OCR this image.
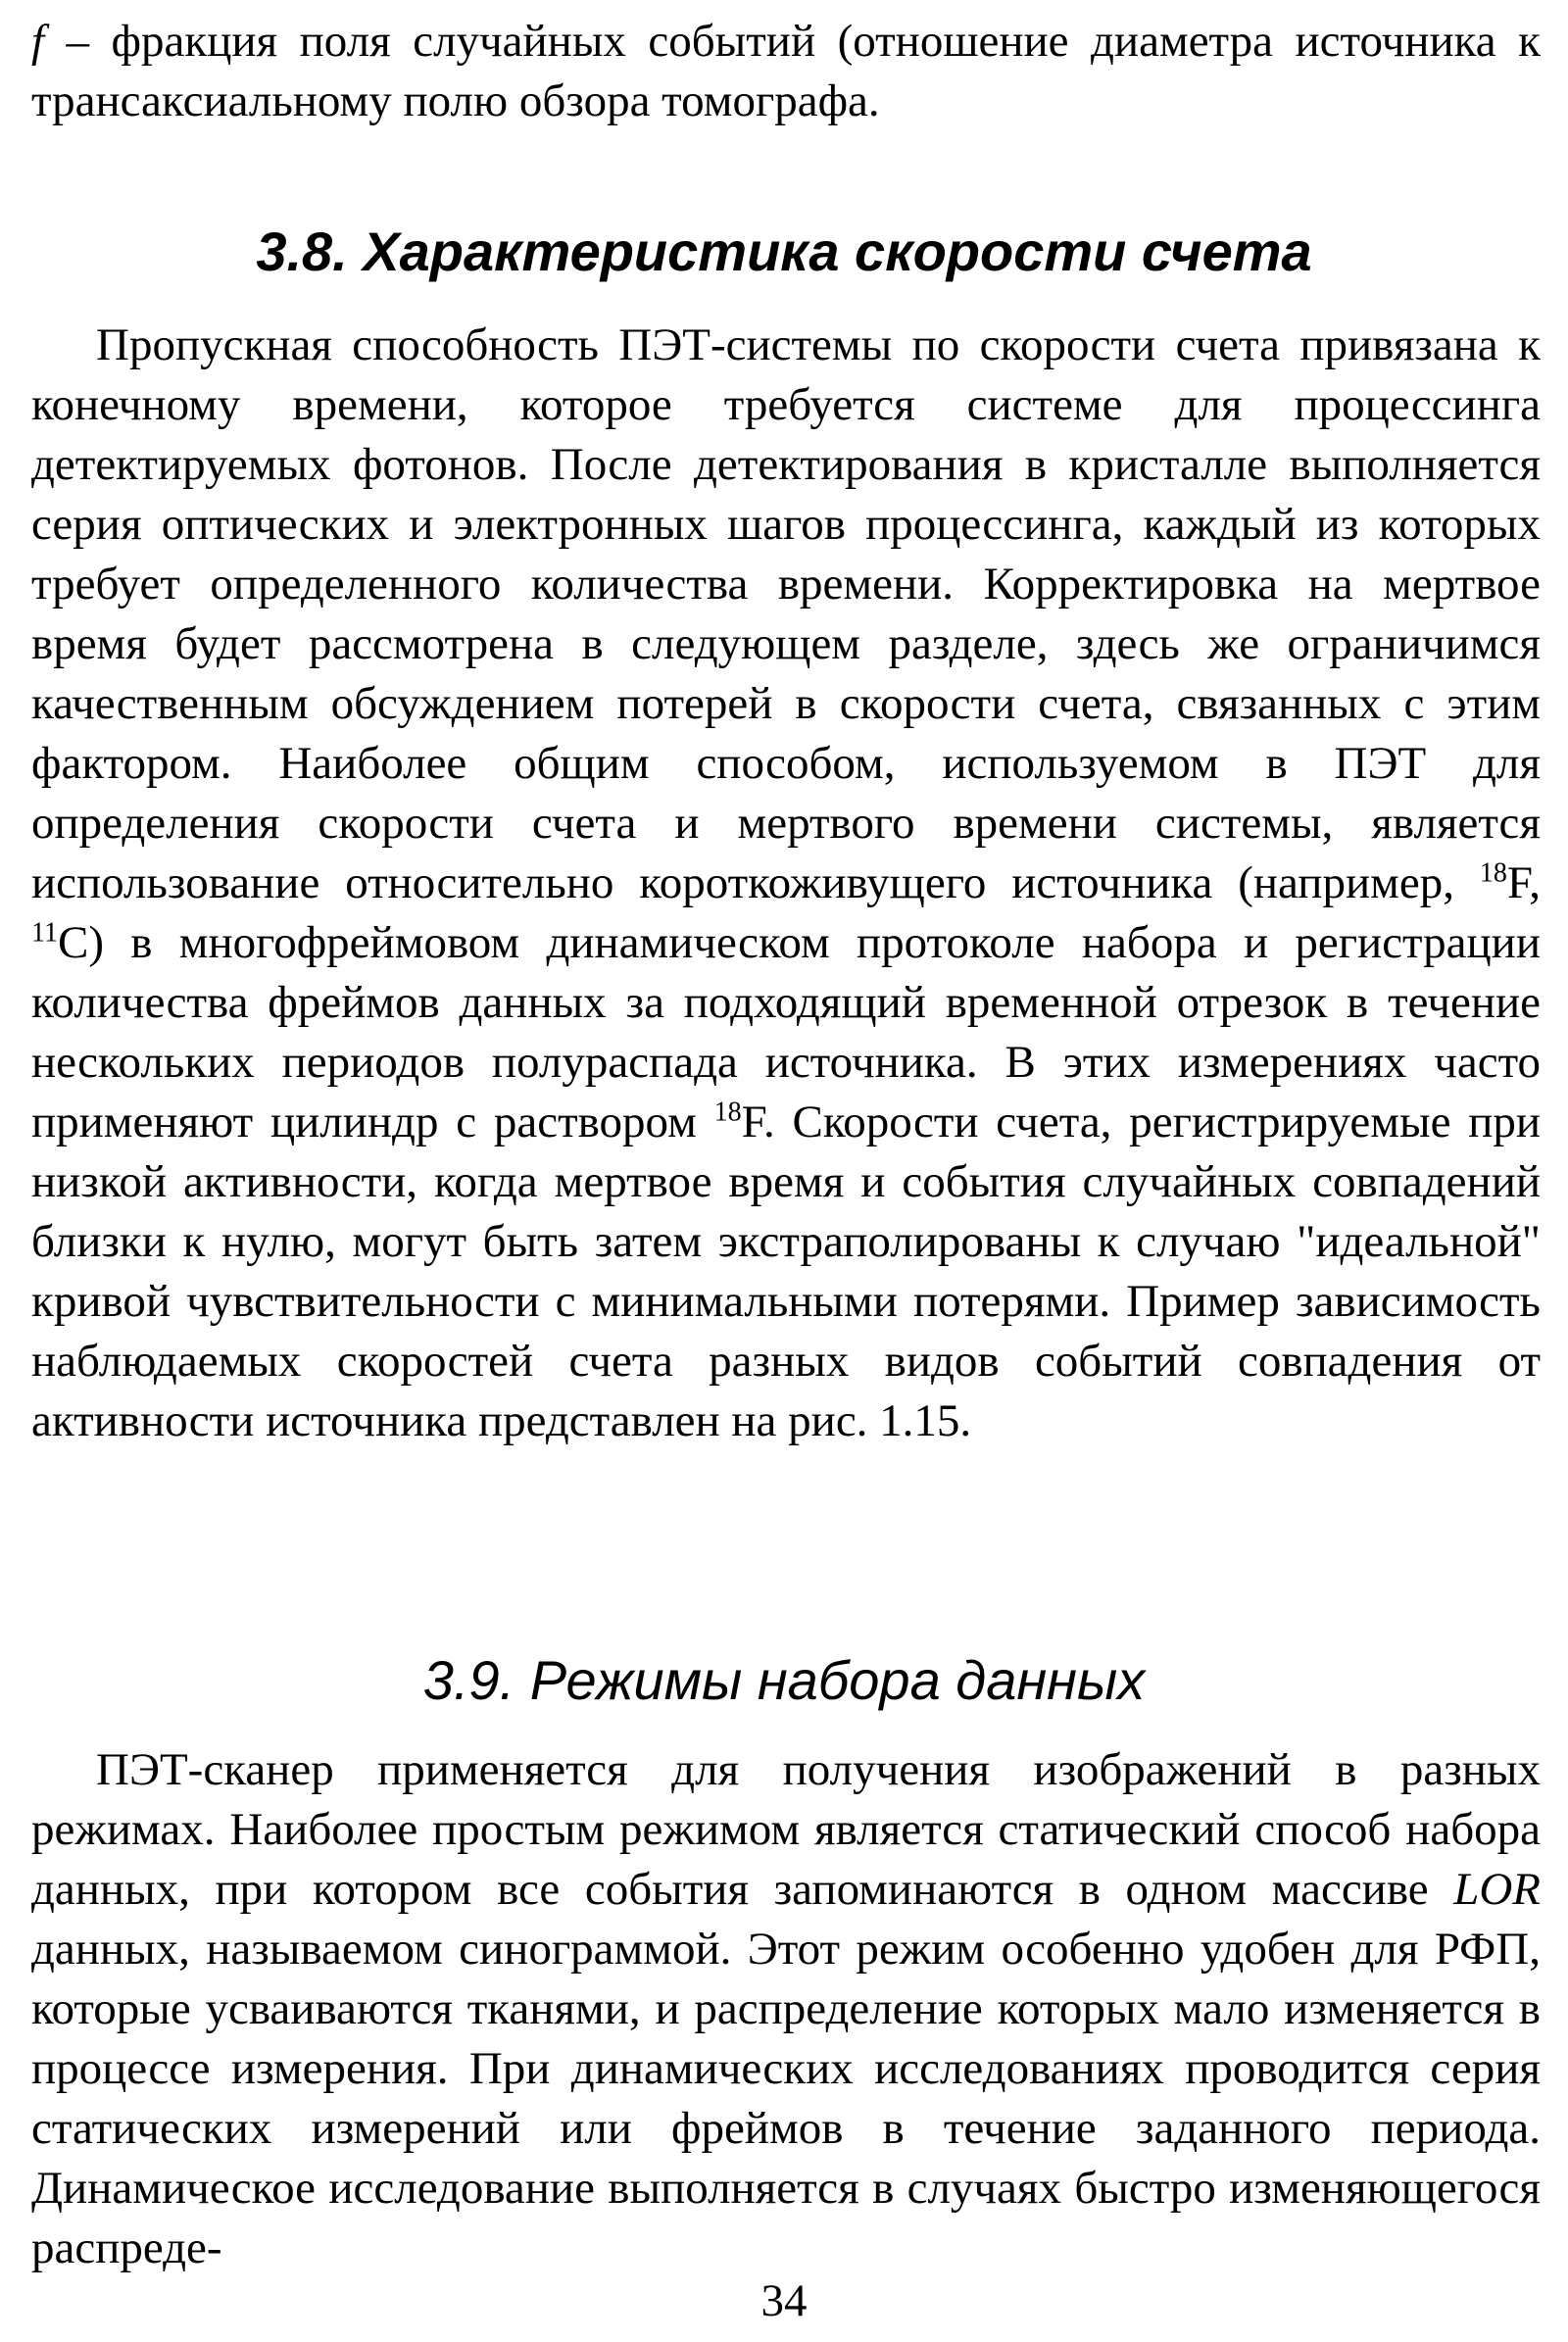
f – фракция поля случайных событий (отношение диаметра источника к трансаксиальному полю обзора томографа.

3.8. Характеристика скорости счета

Пропускная способность ПЭТ-системы по скорости счета привязана к конечному времени, которое требуется системе для процессинга детектируемых фотонов. После детектирования в кристалле выполняется серия оптических и электронных шагов процессинга, каждый из которых требует определенного количества времени. Корректировка на мертвое время будет рассмотрена в следующем разделе, здесь же ограничимся качественным обсуждением потерей в скорости счета, связанных с этим фактором. Наиболее общим способом, используемом в ПЭТ для определения скорости счета и мертвого времени системы, является использование относительно короткоживущего источника (например, $^{18}$F, $^{11}$C) в многофреймовом динамическом протоколе набора и регистрации количества фреймов данных за подходящий временной отрезок в течение нескольких периодов полураспада источника. В этих измерениях часто применяют цилиндр с раствором $^{18}$F. Скорости счета, регистрируемые при низкой активности, когда мертвое время и события случайных совпадений близки к нулю, могут быть затем экстраполированы к случаю "идеальной" кривой чувствительности с минимальными потерями. Пример зависимость наблюдаемых скоростей счета разных видов событий совпадения от активности источника представлен на рис. 1.15.

3.9. Режимы набора данных

ПЭТ-сканер применяется для получения изображений в разных режимах. Наиболее простым режимом является статический способ набора данных, при котором все события запоминаются в одном массиве LOR данных, называемом синограммой. Этот режим особенно удобен для РФП, которые усваиваются тканями, и распределение которых мало изменяется в процессе измерения. При динамических исследованиях проводится серия статических измерений или фреймов в течение заданного периода. Динамическое исследование выполняется в случаях быстро изменяющегося распреде-

34
